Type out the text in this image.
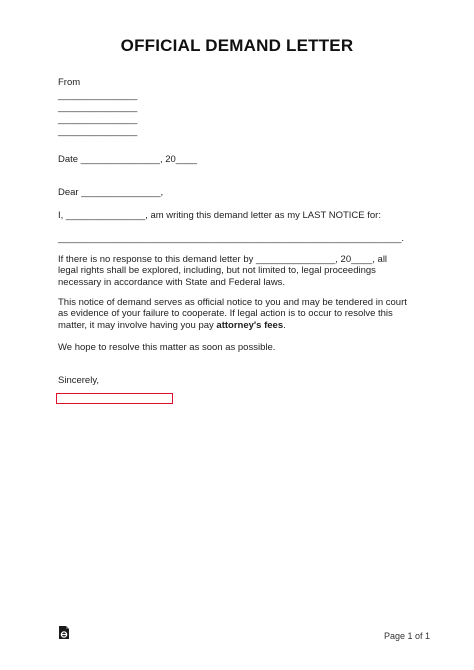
OFFICIAL DEMAND LETTER
From
_______________
_______________
_______________
_______________
Date _______________, 20____
Dear _______________,
I, _______________, am writing this demand letter as my LAST NOTICE for:
_________________________________________________________________.
If there is no response to this demand letter by _______________, 20____, all
legal rights shall be explored, including, but not limited to, legal proceedings
necessary in accordance with State and Federal laws.
This notice of demand serves as official notice to you and may be tendered in court
as evidence of your failure to cooperate. If legal action is to occur to resolve this
matter, it may involve having you pay attorney's fees.
We hope to resolve this matter as soon as possible.
Sincerely,
____________________
Page 1 of 1
